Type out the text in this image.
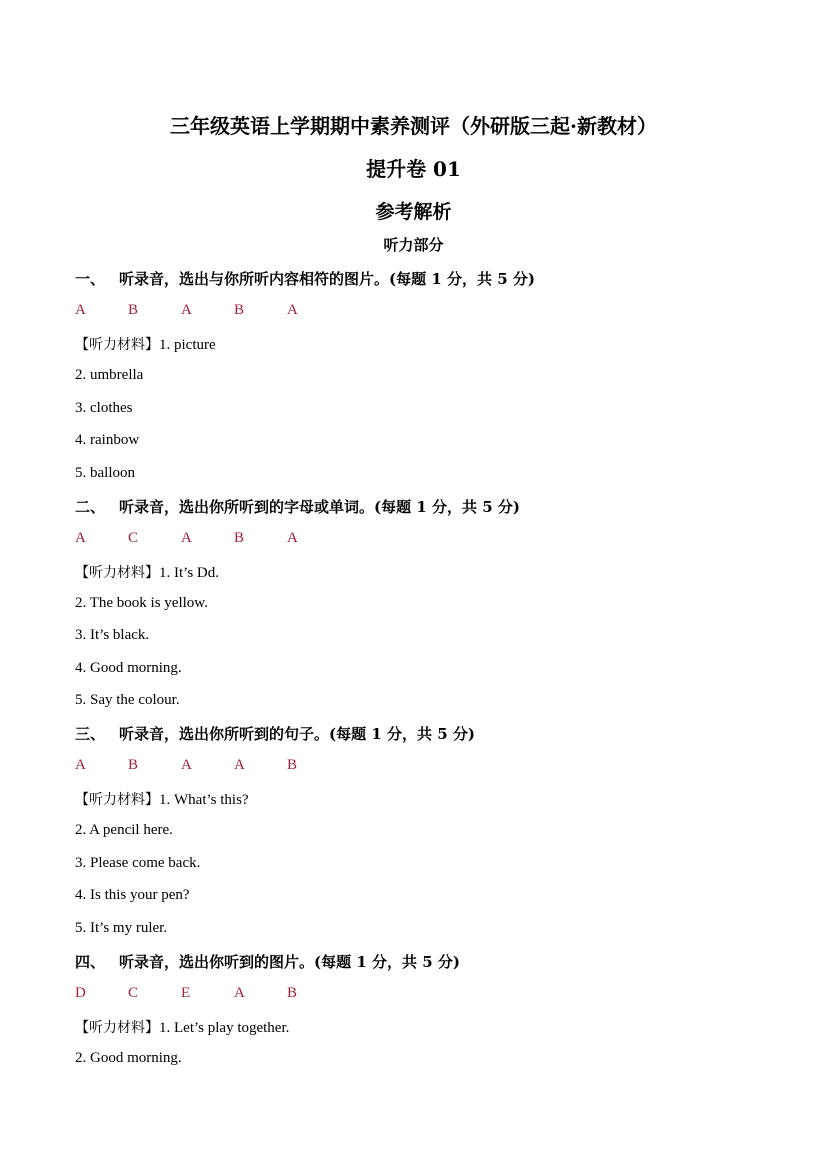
三年级英语上学期期中素养测评（外研版三起·新教材）
提升卷 01
参考解析
听力部分
一、 听录音，选出与你所听内容相符的图片。(每题 1 分，共 5 分)
A	B	A	B	A
【听力材料】1. picture
2. umbrella
3. clothes
4. rainbow
5. balloon
二、 听录音，选出你所听到的字母或单词。(每题 1 分，共 5 分)
A	C	A	B	A
【听力材料】1. It’s Dd.
2. The book is yellow.
3. It’s black.
4. Good morning.
5. Say the colour.
三、 听录音，选出你所听到的句子。(每题 1 分，共 5 分)
A	B	A	A	B
【听力材料】1. What’s this?
2. A pencil here.
3. Please come back.
4. Is this your pen?
5. It’s my ruler.
四、 听录音，选出你听到的图片。(每题 1 分，共 5 分)
D	C	E	A	B
【听力材料】1. Let’s play together.
2. Good morning.
